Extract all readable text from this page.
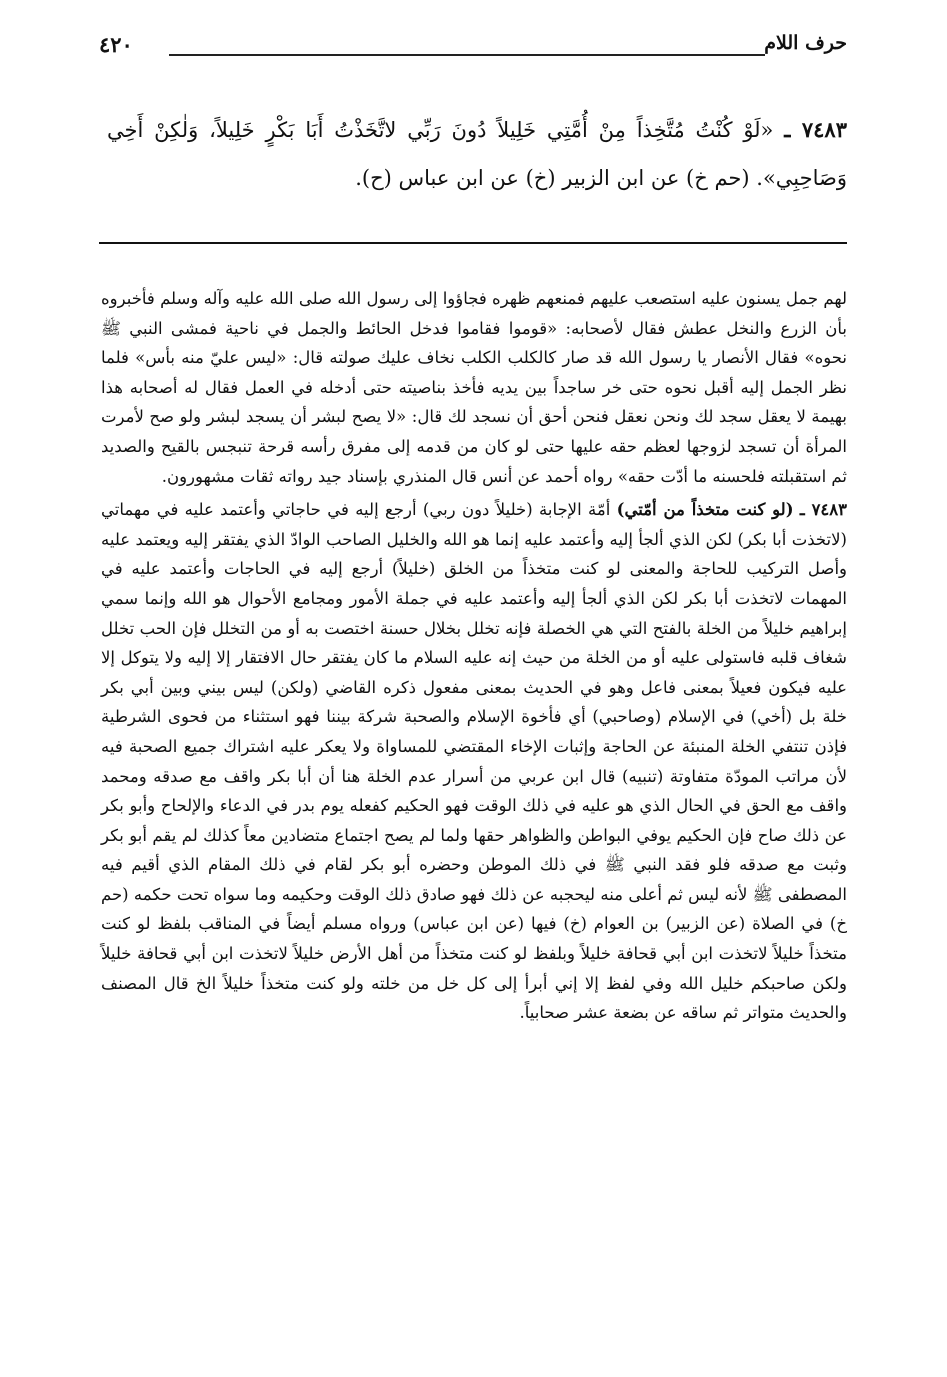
حرف اللام
٤٢٠
٧٤٨٣ ـ «لَوْ كُنْتُ مُتَّخِذاً مِنْ أُمَّتِي خَلِيلاً دُونَ رَبِّي لاتَّخَذْتُ أَبَا بَكْرٍ خَلِيلاً، وَلٰكِنْ أَخِي وَصَاحِبِي». (حم خ) عن ابن الزبير (خ) عن ابن عباس (ح).

لهم جمل يسنون عليه استصعب عليهم فمنعهم ظهره فجاؤوا إلى رسول الله صلى الله عليه وآله وسلم فأخبروه بأن الزرع والنخل عطش فقال لأصحابه: «قوموا فقاموا فدخل الحائط والجمل في ناحية فمشى النبي ﷺ نحوه» فقال الأنصار يا رسول الله قد صار كالكلب الكلب نخاف عليك صولته قال: «ليس عليّ منه بأس» فلما نظر الجمل إليه أقبل نحوه حتى خر ساجداً بين يديه فأخذ بناصيته حتى أدخله في العمل فقال له أصحابه هذا بهيمة لا يعقل سجد لك ونحن نعقل فنحن أحق أن نسجد لك قال: «لا يصح لبشر أن يسجد لبشر ولو صح لأمرت المرأة أن تسجد لزوجها لعظم حقه عليها حتى لو كان من قدمه إلى مفرق رأسه قرحة تنبجس بالقيح والصديد ثم استقبلته فلحسنه ما أدّت حقه» رواه أحمد عن أنس قال المنذري بإسناد جيد رواته ثقات مشهورون.

٧٤٨٣ ـ (لو كنت متخذاً من أمّتي) أمّة الإجابة (خليلاً دون ربي) أرجع إليه في حاجاتي وأعتمد عليه في مهماتي (لاتخذت أبا بكر) لكن الذي ألجأ إليه وأعتمد عليه إنما هو الله والخليل الصاحب الوادّ الذي يفتقر إليه ويعتمد عليه وأصل التركيب للحاجة والمعنى لو كنت متخذاً من الخلق (خليلاً) أرجع إليه في الحاجات وأعتمد عليه في المهمات لاتخذت أبا بكر لكن الذي ألجأ إليه وأعتمد عليه في جملة الأمور ومجامع الأحوال هو الله وإنما سمي إبراهيم خليلاً من الخلة بالفتح التي هي الخصلة فإنه تخلل بخلال حسنة اختصت به أو من التخلل فإن الحب تخلل شغاف قلبه فاستولى عليه أو من الخلة من حيث إنه عليه السلام ما كان يفتقر حال الافتقار إلا إليه ولا يتوكل إلا عليه فيكون فعيلاً بمعنى فاعل وهو في الحديث بمعنى مفعول ذكره القاضي (ولكن) ليس بيني وبين أبي بكر خلة بل (أخي) في الإسلام (وصاحبي) أي فأخوة الإسلام والصحبة شركة بيننا فهو استثناء من فحوى الشرطية فإذن تنتفي الخلة المنبئة عن الحاجة وإثبات الإخاء المقتضي للمساواة ولا يعكر عليه اشتراك جميع الصحبة فيه لأن مراتب المودّة متفاوتة (تنبيه) قال ابن عربي من أسرار عدم الخلة هنا أن أبا بكر واقف مع صدقه ومحمد واقف مع الحق في الحال الذي هو عليه في ذلك الوقت فهو الحكيم كفعله يوم بدر في الدعاء والإلحاح وأبو بكر عن ذلك صاح فإن الحكيم يوفي البواطن والظواهر حقها ولما لم يصح اجتماع متضادين معاً كذلك لم يقم أبو بكر وثبت مع صدقه فلو فقد النبي ﷺ في ذلك الموطن وحضره أبو بكر لقام في ذلك المقام الذي أقيم فيه المصطفى ﷺ لأنه ليس ثم أعلى منه ليحجبه عن ذلك فهو صادق ذلك الوقت وحكيمه وما سواه تحت حكمه (حم خ) في الصلاة (عن الزبير) بن العوام (خ) فيها (عن ابن عباس) ورواه مسلم أيضاً في المناقب بلفظ لو كنت متخذاً خليلاً لاتخذت ابن أبي قحافة خليلاً وبلفظ لو كنت متخذاً من أهل الأرض خليلاً لاتخذت ابن أبي قحافة خليلاً ولكن صاحبكم خليل الله وفي لفظ إلا إني أبرأ إلى كل خل من خلته ولو كنت متخذاً خليلاً الخ قال المصنف والحديث متواتر ثم ساقه عن بضعة عشر صحابياً.
